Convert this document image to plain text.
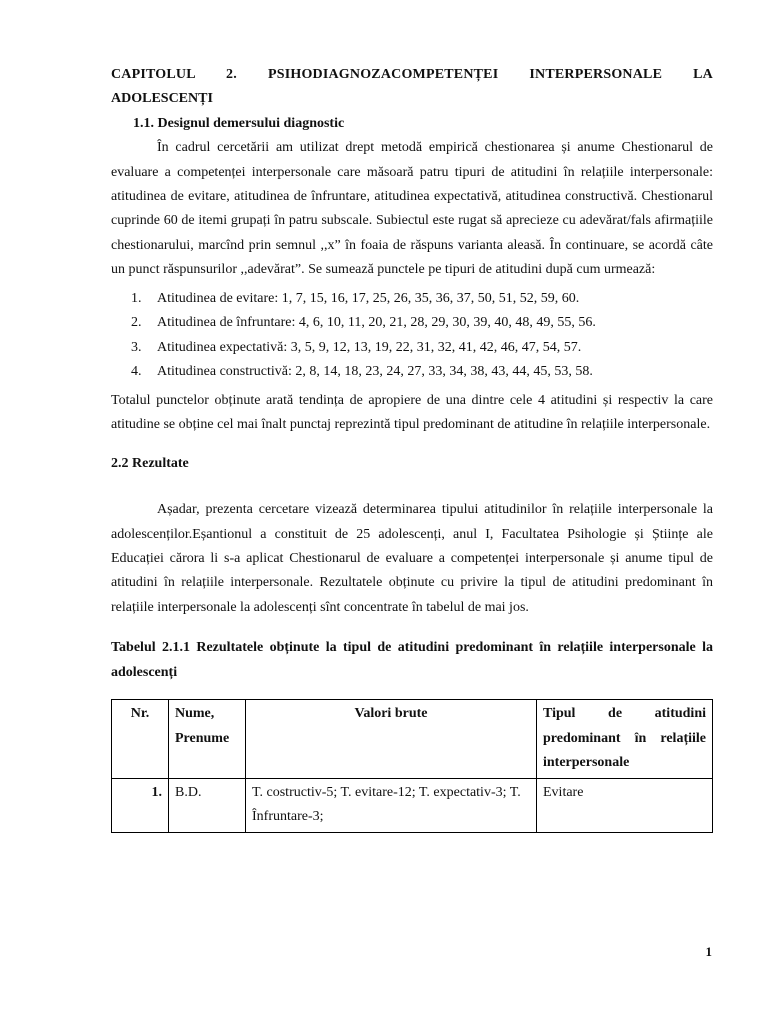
CAPITOLUL 2. PSIHODIAGNOZACOMPETENȚEI INTERPERSONALE LA

ADOLESCENȚI

1.1. Designul demersului diagnostic

În cadrul cercetării am utilizat drept metodă empirică chestionarea și anume Chestionarul de evaluare a competenței interpersonale care măsoară patru tipuri de atitudini în relațiile interpersonale: atitudinea de evitare, atitudinea de înfruntare, atitudinea expectativă, atitudinea constructivă. Chestionarul cuprinde 60 de itemi grupați în patru subscale. Subiectul este rugat să aprecieze cu adevărat/fals afirmațiile chestionarului, marcînd prin semnul ,,x” în foaia de răspuns varianta aleasă. În continuare, se acordă câte un punct răspunsurilor ,,adevărat”. Se sumează punctele pe tipuri de atitudini după cum urmează:

1. Atitudinea de evitare: 1, 7, 15, 16, 17, 25, 26, 35, 36, 37, 50, 51, 52, 59, 60.
2. Atitudinea de înfruntare: 4, 6, 10, 11, 20, 21, 28, 29, 30, 39, 40, 48, 49, 55, 56.
3. Atitudinea expectativă: 3, 5, 9, 12, 13, 19, 22, 31, 32, 41, 42, 46, 47, 54, 57.
4. Atitudinea constructivă: 2, 8, 14, 18, 23, 24, 27, 33, 34, 38, 43, 44, 45, 53, 58.

Totalul punctelor obținute arată tendința de apropiere de una dintre cele 4 atitudini și respectiv la care atitudine se obține cel mai înalt punctaj reprezintă tipul predominant de atitudine în relațiile interpersonale.

2.2 Rezultate

Așadar, prezenta cercetare vizează determinarea tipului atitudinilor în relațiile interpersonale la adolescenților.Eșantionul a constituit de 25 adolescenți, anul I, Facultatea Psihologie și Științe ale Educației cărora li s-a aplicat Chestionarul de evaluare a competenței interpersonale și anume tipul de atitudini în relațiile interpersonale. Rezultatele obținute cu privire la tipul de atitudini predominant în relațiile interpersonale la adolescenți sînt concentrate în tabelul de mai jos.

Tabelul 2.1.1 Rezultatele obținute la tipul de atitudini predominant în relațiile interpersonale la adolescenți

Nr.	Nume, Prenume	Valori brute	Tipul de atitudini predominant în relațiile interpersonale
1.	B.D.	T. costructiv-5; T. evitare-12; T. expectativ-3; T. Înfruntare-3;	Evitare
1
